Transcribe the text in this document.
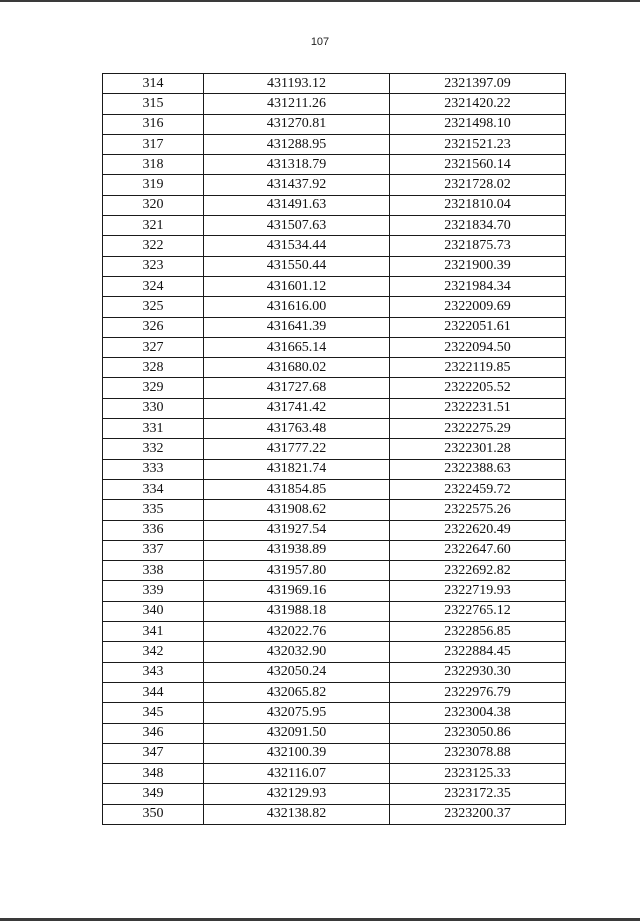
107
314	431193.12	2321397.09
315	431211.26	2321420.22
316	431270.81	2321498.10
317	431288.95	2321521.23
318	431318.79	2321560.14
319	431437.92	2321728.02
320	431491.63	2321810.04
321	431507.63	2321834.70
322	431534.44	2321875.73
323	431550.44	2321900.39
324	431601.12	2321984.34
325	431616.00	2322009.69
326	431641.39	2322051.61
327	431665.14	2322094.50
328	431680.02	2322119.85
329	431727.68	2322205.52
330	431741.42	2322231.51
331	431763.48	2322275.29
332	431777.22	2322301.28
333	431821.74	2322388.63
334	431854.85	2322459.72
335	431908.62	2322575.26
336	431927.54	2322620.49
337	431938.89	2322647.60
338	431957.80	2322692.82
339	431969.16	2322719.93
340	431988.18	2322765.12
341	432022.76	2322856.85
342	432032.90	2322884.45
343	432050.24	2322930.30
344	432065.82	2322976.79
345	432075.95	2323004.38
346	432091.50	2323050.86
347	432100.39	2323078.88
348	432116.07	2323125.33
349	432129.93	2323172.35
350	432138.82	2323200.37
